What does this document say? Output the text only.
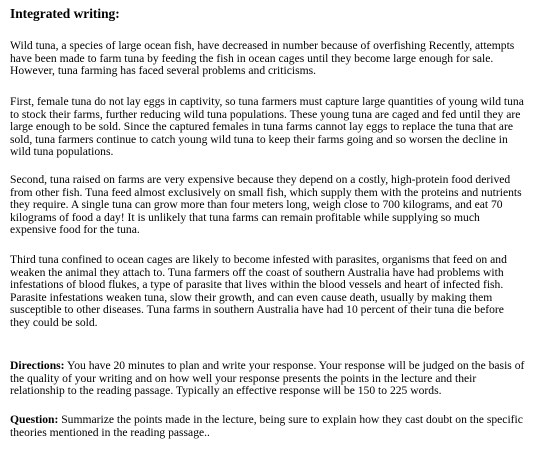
Integrated writing:

Wild tuna, a species of large ocean fish, have decreased in number because of overfishing Recently, attempts have been made to farm tuna by feeding the fish in ocean cages until they become large enough for sale. However, tuna farming has faced several problems and criticisms.

First, female tuna do not lay eggs in captivity, so tuna farmers must capture large quantities of young wild tuna to stock their farms, further reducing wild tuna populations. These young tuna are caged and fed until they are large enough to be sold. Since the captured females in tuna farms cannot lay eggs to replace the tuna that are sold, tuna farmers continue to catch young wild tuna to keep their farms going and so worsen the decline in wild tuna populations.

Second, tuna raised on farms are very expensive because they depend on a costly, high-protein food derived from other fish. Tuna feed almost exclusively on small fish, which supply them with the proteins and nutrients they require. A single tuna can grow more than four meters long, weigh close to 700 kilograms, and eat 70 kilograms of food a day! It is unlikely that tuna farms can remain profitable while supplying so much expensive food for the tuna.

Third tuna confined to ocean cages are likely to become infested with parasites, organisms that feed on and weaken the animal they attach to. Tuna farmers off the coast of southern Australia have had problems with infestations of blood flukes, a type of parasite that lives within the blood vessels and heart of infected fish. Parasite infestations weaken tuna, slow their growth, and can even cause death, usually by making them susceptible to other diseases. Tuna farms in southern Australia have had 10 percent of their tuna die before they could be sold.

Directions: You have 20 minutes to plan and write your response. Your response will be judged on the basis of the quality of your writing and on how well your response presents the points in the lecture and their relationship to the reading passage. Typically an effective response will be 150 to 225 words.

Question: Summarize the points made in the lecture, being sure to explain how they cast doubt on the specific theories mentioned in the reading passage..
